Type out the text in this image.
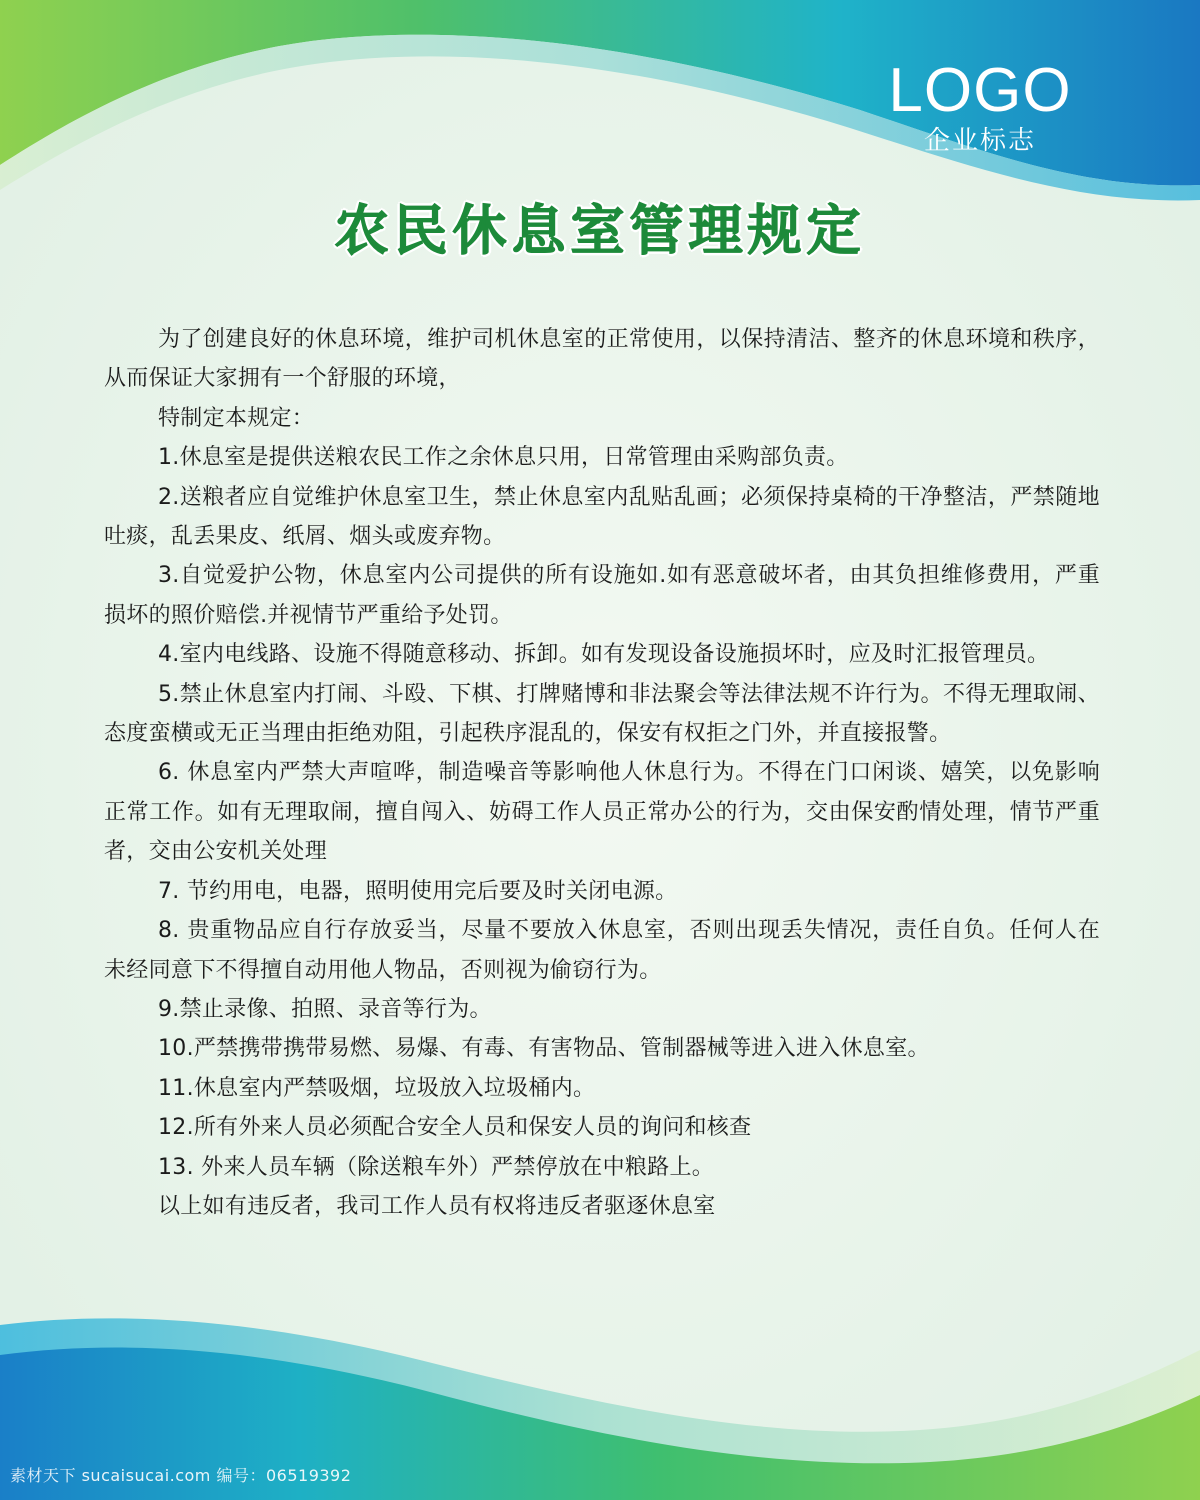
LOGO
企业标志
农民休息室管理规定

为了创建良好的休息环境，维护司机休息室的正常使用，以保持清洁、整齐的休息环境和秩序，从而保证大家拥有一个舒服的环境，

特制定本规定：

1.休息室是提供送粮农民工作之余休息只用，日常管理由采购部负责。

2.送粮者应自觉维护休息室卫生，禁止休息室内乱贴乱画；必须保持桌椅的干净整洁，严禁随地吐痰，乱丢果皮、纸屑、烟头或废弃物。

3.自觉爱护公物，休息室内公司提供的所有设施如.如有恶意破坏者，由其负担维修费用，严重损坏的照价赔偿.并视情节严重给予处罚。

4.室内电线路、设施不得随意移动、拆卸。如有发现设备设施损坏时，应及时汇报管理员。

5.禁止休息室内打闹、斗殴、下棋、打牌赌博和非法聚会等法律法规不许行为。不得无理取闹、态度蛮横或无正当理由拒绝劝阻，引起秩序混乱的，保安有权拒之门外，并直接报警。

6. 休息室内严禁大声喧哗，制造噪音等影响他人休息行为。不得在门口闲谈、嬉笑，以免影响正常工作。如有无理取闹，擅自闯入、妨碍工作人员正常办公的行为，交由保安酌情处理，情节严重者，交由公安机关处理

7. 节约用电，电器，照明使用完后要及时关闭电源。

8. 贵重物品应自行存放妥当，尽量不要放入休息室，否则出现丢失情况，责任自负。任何人在未经同意下不得擅自动用他人物品，否则视为偷窃行为。

9.禁止录像、拍照、录音等行为。

10.严禁携带携带易燃、易爆、有毒、有害物品、管制器械等进入进入休息室。

11.休息室内严禁吸烟，垃圾放入垃圾桶内。

12.所有外来人员必须配合安全人员和保安人员的询问和核查

13. 外来人员车辆（除送粮车外）严禁停放在中粮路上。

以上如有违反者，我司工作人员有权将违反者驱逐休息室

素材天下 sucaisucai.com 编号：06519392
